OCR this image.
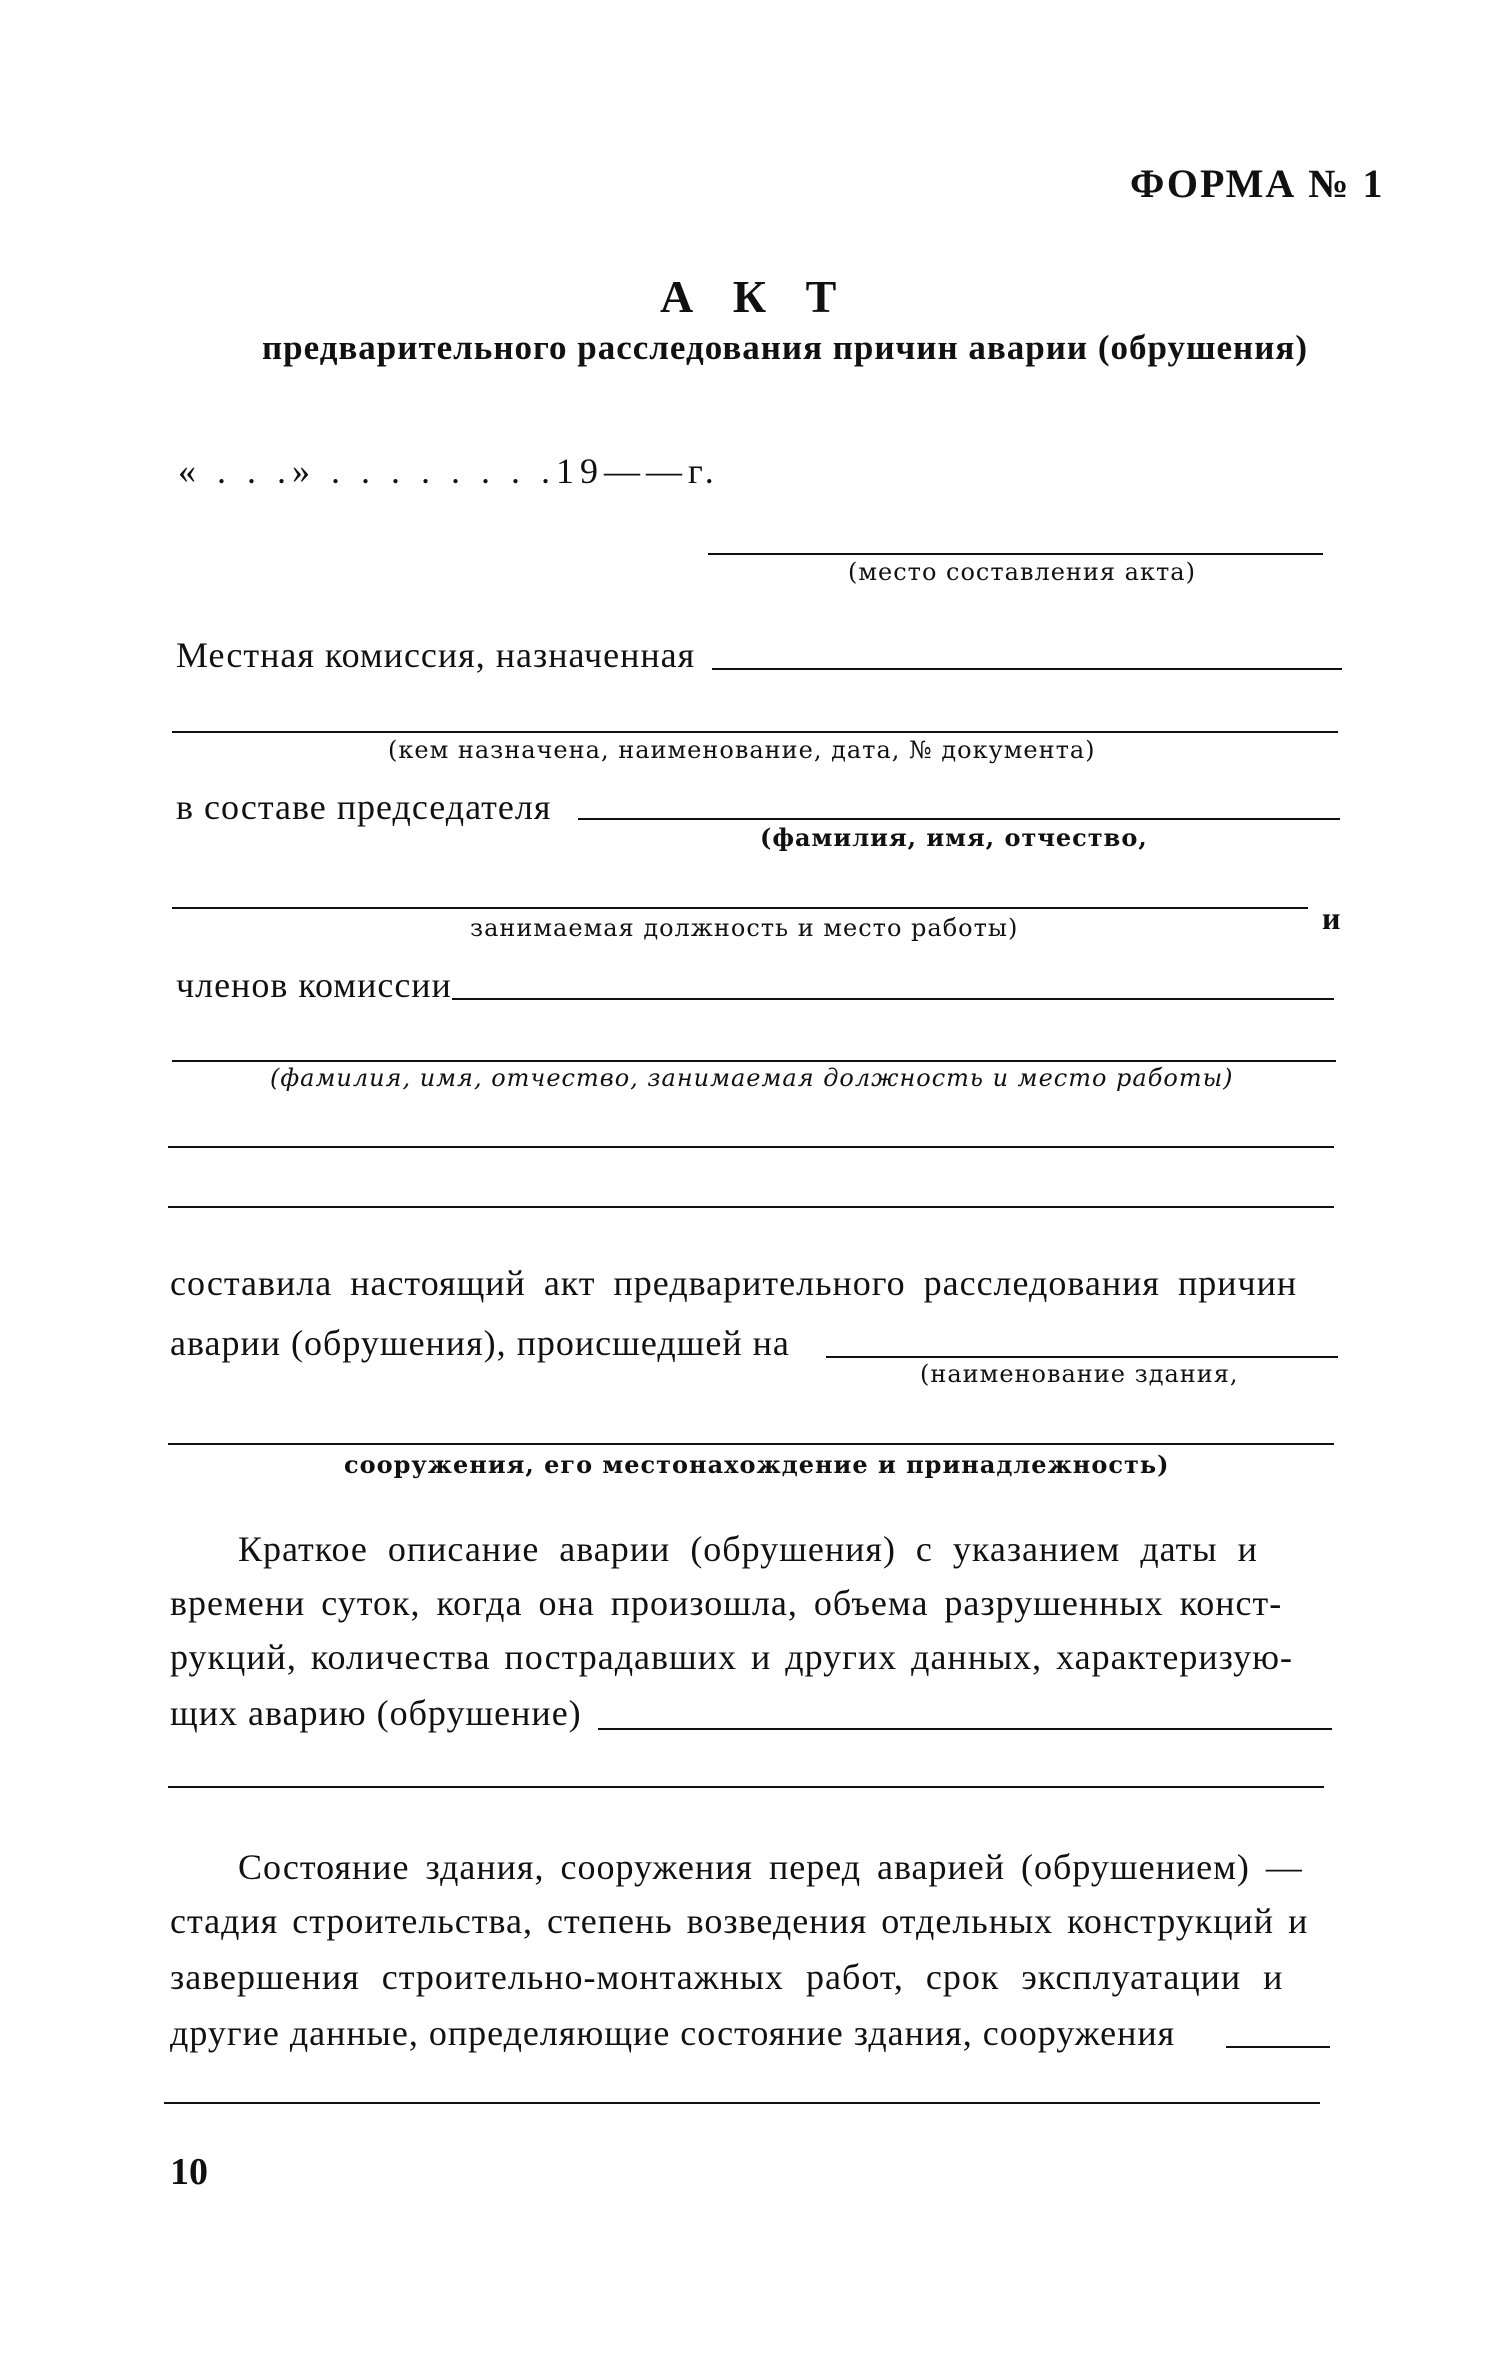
ФОРМА № 1
А К Т
предварительного расследования причин аварии (обрушения)
« . . .» . . . . . . . .19——г.
(место составления акта)
Местная комиссия, назначенная
(кем назначена, наименование, дата, № документа)
в составе председателя
(фамилия, имя, отчество,
занимаемая должность и место работы)	и
членов комиссии
(фамилия, имя, отчество, занимаемая должность и место работы)
составила настоящий акт предварительного расследования причин
аварии (обрушения), происшедшей на
(наименование здания,
сооружения, его местонахождение и принадлежность)
Краткое описание аварии (обрушения) с указанием даты и
времени суток, когда она произошла, объема разрушенных конст-
рукций, количества пострадавших и других данных, характеризую-
щих аварию (обрушение)
Состояние здания, сооружения перед аварией (обрушением) —
стадия строительства, степень возведения отдельных конструкций и
завершения строительно-монтажных работ, срок эксплуатации и
другие данные, определяющие состояние здания, сооружения
10
